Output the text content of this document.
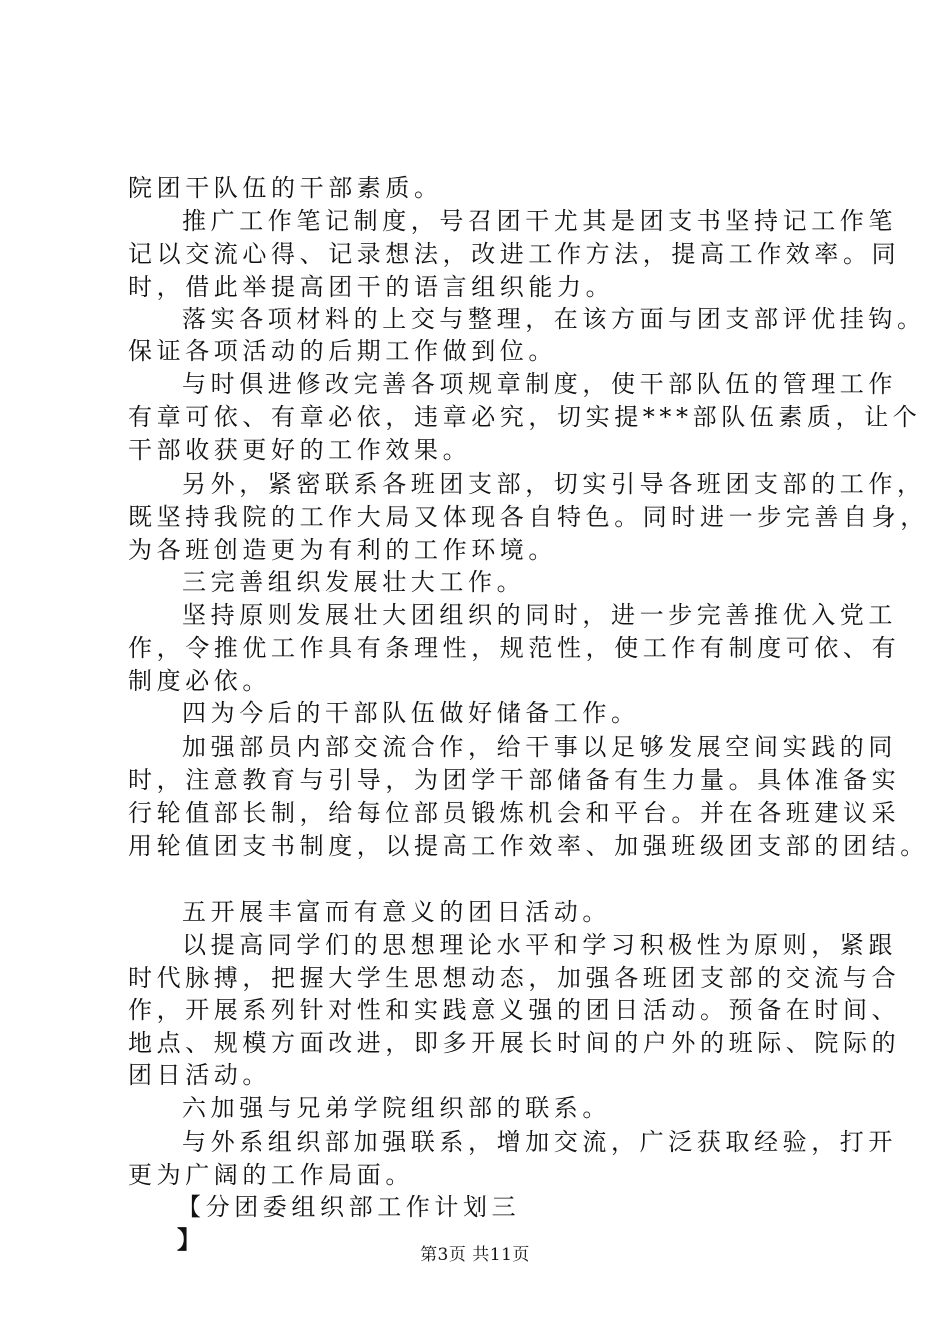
院团干队伍的干部素质。
推广工作笔记制度，号召团干尤其是团支书坚持记工作笔
记以交流心得、记录想法，改进工作方法，提高工作效率。同
时，借此举提高团干的语言组织能力。
落实各项材料的上交与整理，在该方面与团支部评优挂钩。
保证各项活动的后期工作做到位。
与时俱进修改完善各项规章制度，使干部队伍的管理工作
有章可依、有章必依，违章必究，切实提***部队伍素质，让个
干部收获更好的工作效果。
另外，紧密联系各班团支部，切实引导各班团支部的工作，
既坚持我院的工作大局又体现各自特色。同时进一步完善自身，
为各班创造更为有利的工作环境。
三完善组织发展壮大工作。
坚持原则发展壮大团组织的同时，进一步完善推优入党工
作，令推优工作具有条理性，规范性，使工作有制度可依、有
制度必依。
四为今后的干部队伍做好储备工作。
加强部员内部交流合作，给干事以足够发展空间实践的同
时，注意教育与引导，为团学干部储备有生力量。具体准备实
行轮值部长制，给每位部员锻炼机会和平台。并在各班建议采
用轮值团支书制度，以提高工作效率、加强班级团支部的团结。
五开展丰富而有意义的团日活动。
以提高同学们的思想理论水平和学习积极性为原则，紧跟
时代脉搏，把握大学生思想动态，加强各班团支部的交流与合
作，开展系列针对性和实践意义强的团日活动。预备在时间、
地点、规模方面改进，即多开展长时间的户外的班际、院际的
团日活动。
六加强与兄弟学院组织部的联系。
与外系组织部加强联系，增加交流，广泛获取经验，打开
更为广阔的工作局面。
【分团委组织部工作计划三
】
第3页 共11页
